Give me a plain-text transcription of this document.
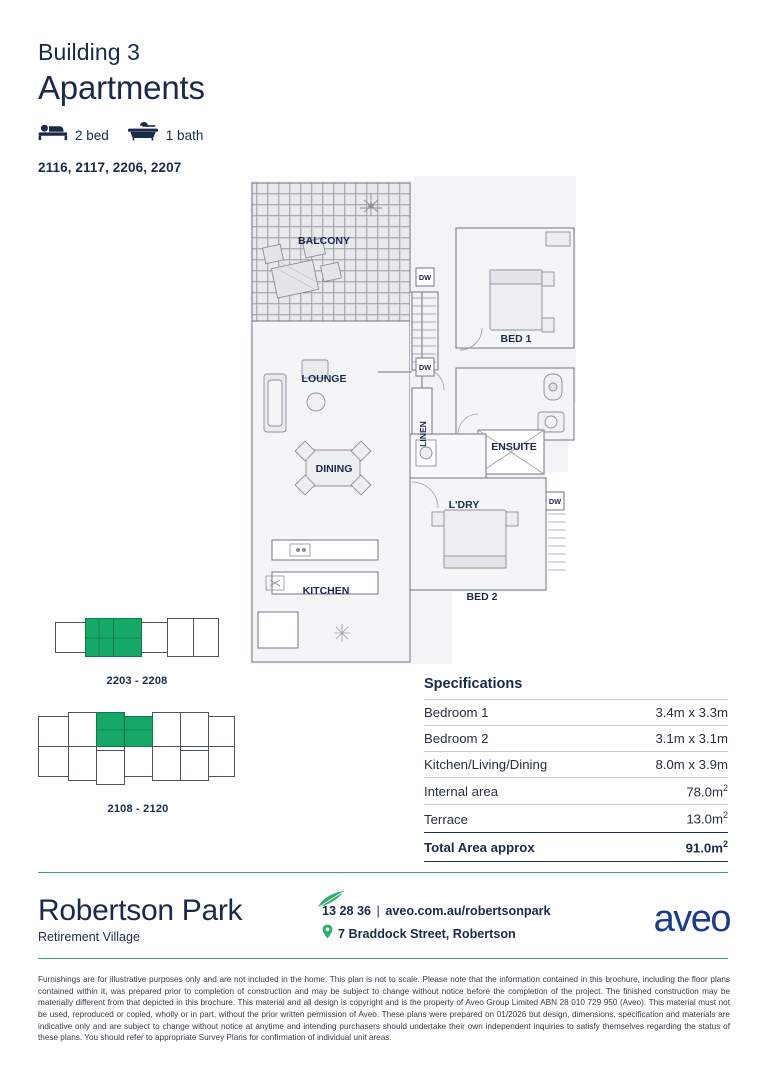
Building 3
Apartments
2 bed	1 bath
2116, 2117, 2206, 2207
BALCONY
LOUNGE
DINING
KITCHEN
BED 1
ENSUITE
L'DRY
BED 2
LINEN
DW
DW
DW
2203 - 2208
2108 - 2120
Specifications
Bedroom 1	3.4m x 3.3m
Bedroom 2	3.1m x 3.1m
Kitchen/Living/Dining	8.0m x 3.9m
Internal area	$78.0m^2$
Terrace	$13.0m^2$
Total Area approx	$91.0m^2$
Robertson Park
Retirement Village
13 28 36 | aveo.com.au/robertsonpark
7 Braddock Street, Robertson	aveo
Furnishings are for illustrative purposes only and are not included in the home. This plan is not to scale. Please note that the information contained in this brochure, including the floor plans contained within it, was prepared prior to completion of construction and may be subject to change without notice before the completion of the project. The finished construction may be materially different from that depicted in this brochure. This material and all design is copyright and is the property of Aveo Group Limited ABN 28 010 729 950 (Aveo). This material must not be used, reproduced or copied, wholly or in part, without the prior written permission of Aveo. These plans were prepared on 01/2026 but design, dimensions, specification and materials are indicative only and are subject to change without notice at anytime and intending purchasers should undertake their own independent inquiries to satisfy themselves regarding the status of these plans. You should refer to appropriate Survey Plans for confirmation of individual unit areas.
